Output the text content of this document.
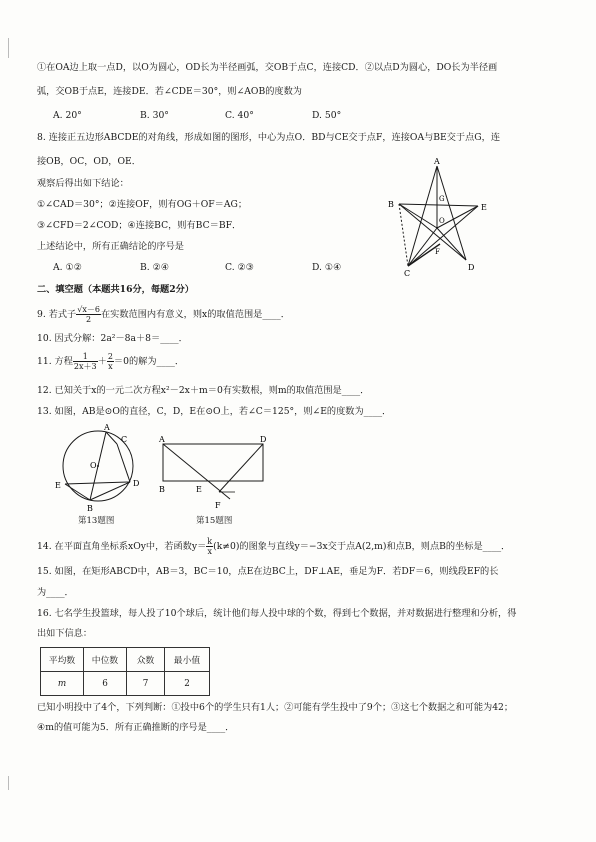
①在OA边上取一点D，以O为圆心，OD长为半径画弧，交OB于点C，连接CD．②以点D为圆心，DO长为半径画
弧，交OB于点E，连接DE．若∠CDE＝30°，则∠AOB的度数为
A. 20°	B. 30°	C. 40°	D. 50°
8. 连接正五边形ABCDE的对角线，形成如图的图形，中心为点O．BD与CE交于点F，连接OA与BE交于点G，连
接OB，OC，OD，OE．
观察后得出如下结论：
①∠CAD＝30°；②连接OF，则有OG＋OF＝AG；
③∠CFD＝2∠COD；④连接BC，则有BC＝BF．
上述结论中，所有正确结论的序号是
A. ①②	B. ②④	C. ②③	D. ①④
A
B
C
D
E
G
O
F
二、填空题（本题共16分，每题2分）
9. 若式子 $\frac{√x-6}{2}$ 在实数范围内有意义，则x的取值范围是____．
10. 因式分解：2a²－8a＋8＝____．
11. 方程 $\frac{1}{2x+3} + \frac{2}{x} =0$的解为____．
12. 已知关于x的一元二次方程x²－2x＋m＝0有实数根，则m的取值范围是____．
13. 如图，AB是⊙O的直径，C，D，E在⊙O上，若∠C＝125°，则∠E的度数为____．
A
B
C
D
E
O
第13题图
A
B
D
E
F
第15题图
14. 在平面直角坐标系xOy中，若函数$y= \frac{k}{x} (k\ne 0)$的图象与直线y＝−3x交于点A(2,m)和点B，则点B的坐标是____．
15. 如图，在矩形ABCD中，AB＝3，BC＝10，点E在边BC上，DF⊥AE，垂足为F．若DF＝6，则线段EF的长
为____．
16. 七名学生投篮球，每人投了10个球后，统计他们每人投中球的个数，得到七个数据，并对数据进行整理和分析，得
出如下信息：
平均数	中位数	众数	最小值
m	6	7	2
已知小明投中了4个，下列判断：①投中6个的学生只有1人；②可能有学生投中了9个；③这七个数据之和可能为42；
④m的值可能为5．所有正确推断的序号是____．
